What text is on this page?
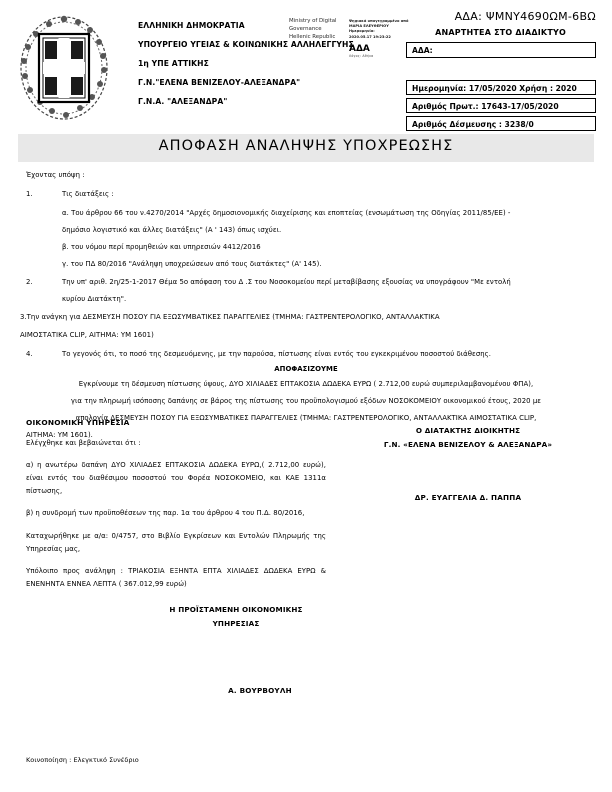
ΕΛΛΗΝΙΚΗ ΔΗΜΟΚΡΑΤΙΑ
ΥΠΟΥΡΓΕΙΟ ΥΓΕΙΑΣ & ΚΟΙΝΩΝΙΚΗΣ ΑΛΛΗΛΕΓΓΥΗΣ
1η ΥΠΕ ΑΤΤΙΚΗΣ
Γ.Ν."ΕΛΕΝΑ ΒΕΝΙΖΕΛΟΥ-ΑΛΕΞΑΝΔΡΑ"
Γ.Ν.Α. "ΑΛΕΞΑΝΔΡΑ"
Ministry of Digital
Governance
Hellenic Republic
Ψηφιακά υπογεγραμμένο από
ΜΑΡΙΑ ΕΛΕΥΘΕΡΙΟΥ
Ημερομηνία:
2020.05.17 19:23:22
ΑΔΑ
Λόγος: Αθήνα
ΑΔΑ: ΨΜΝΥ4690ΩΜ-6ΒΩ
ΑΝΑΡΤΗΤΕΑ ΣΤΟ ΔΙΑΔΙΚΤΥΟ
ΑΔΑ:
Ημερομηνία: 17/05/2020 Χρήση : 2020
Αριθμός Πρωτ.: 17643-17/05/2020
Αριθμός Δέσμευσης : 3238/0
ΑΠΟΦΑΣΗ ΑΝΑΛΗΨΗΣ ΥΠΟΧΡΕΩΣΗΣ
Έχοντας υπόψη :
1.	Τις διατάξεις :
α. Του άρθρου 66 του ν.4270/2014 "Αρχές δημοσιονομικής διαχείρισης και εποπτείας (ενσωμάτωση της Οδηγίας 2011/85/ΕΕ) -
δημόσιο λογιστικό και άλλες διατάξεις" (Α ' 143) όπως ισχύει.
β. του νόμου περί προμηθειών και υπηρεσιών 4412/2016
γ. του ΠΔ 80/2016 "Ανάληψη υποχρεώσεων από τους διατάκτες" (Α' 145).
2.	Την υπ' αριθ. 2η/25-1-2017 Θέμα 5ο απόφαση του Δ .Σ του Νοσοκομείου περί μεταβίβασης εξουσίας να υπογράφουν "Με εντολή
κυρίου Διατάκτη".
3.Την ανάγκη για ΔΕΣΜΕΥΣΗ ΠΟΣΟΥ ΓΙΑ ΕΞΩΣΥΜΒΑΤΙΚΕΣ ΠΑΡΑΓΓΕΛΙΕΣ (ΤΜΗΜΑ: ΓΑΣΤΡΕΝΤΕΡΟΛΟΓΙΚΟ, ΑΝΤΑΛΛΑΚΤΙΚΑ
ΑΙΜΟΣΤΑΤΙΚΑ CLIP, ΑΙΤΗΜΑ: ΥΜ 1601)
4.	Το γεγονός ότι, το ποσό της δεσμευόμενης, με την παρούσα, πίστωσης είναι εντός του εγκεκριμένου ποσοστού διάθεσης.
ΑΠΟΦΑΣΙΖΟΥΜΕ
Εγκρίνουμε τη δέσμευση πίστωσης ύψους, ΔΥΟ ΧΙΛΙΑΔΕΣ ΕΠΤΑΚΟΣΙΑ ΔΩΔΕΚΑ ΕΥΡΩ ( 2.712,00 ευρώ συμπεριλαμβανομένου ΦΠΑ),
για την πληρωμή ισόποσης δαπάνης σε βάρος της πίστωσης του προϋπολογισμού εξόδων ΝΟΣΟΚΟΜΕΙΟΥ οικονομικού έτους, 2020 με
απολογία ΔΕΣΜΕΥΣΗ ΠΟΣΟΥ ΓΙΑ ΕΞΩΣΥΜΒΑΤΙΚΕΣ ΠΑΡΑΓΓΕΛΙΕΣ (ΤΜΗΜΑ: ΓΑΣΤΡΕΝΤΕΡΟΛΟΓΙΚΟ, ΑΝΤΑΛΛΑΚΤΙΚΑ ΑΙΜΟΣΤΑΤΙΚΑ CLIP,
ΑΙΤΗΜΑ: ΥΜ 1601).
ΟΙΚΟΝΟΜΙΚΗ ΥΠΗΡΕΣΙΑ
Ελέγχθηκε και βεβαιώνεται ότι :
α) η ανωτέρω δαπάνη ΔΥΟ ΧΙΛΙΑΔΕΣ ΕΠΤΑΚΟΣΙΑ ΔΩΔΕΚΑ ΕΥΡΩ,( 2.712,00 ευρώ), είναι εντός του διαθέσιμου ποσοστού του Φορέα ΝΟΣΟΚΟΜΕΙΟ, και ΚΑΕ 1311α πίστωσης,
β) η συνδρομή των προϋποθέσεων της παρ. 1α του άρθρου 4 του Π.Δ. 80/2016,
Καταχωρήθηκε με α/α: 0/4757, στο Βιβλίο Εγκρίσεων και Εντολών Πληρωμής της Υπηρεσίας μας,
Υπόλοιπο προς ανάληψη : ΤΡΙΑΚΟΣΙΑ ΕΞΗΝΤΑ ΕΠΤΑ ΧΙΛΙΑΔΕΣ ΔΩΔΕΚΑ ΕΥΡΩ & ΕΝΕΝΗΝΤΑ ΕΝΝΕΑ ΛΕΠΤΑ ( 367.012,99 ευρώ)
Η ΠΡΟΪΣΤΑΜΕΝΗ ΟΙΚΟΝΟΜΙΚΗΣ
ΥΠΗΡΕΣΙΑΣ
Ο ΔΙΑΤΑΚΤΗΣ ΔΙΟΙΚΗΤΗΣ
Γ.Ν. «ΕΛΕΝΑ ΒΕΝΙΖΕΛΟΥ & ΑΛΕΞΑΝΔΡΑ»
ΔΡ. ΕΥΑΓΓΕΛΙΑ Δ. ΠΑΠΠΑ
Α. ΒΟΥΡΒΟΥΛΗ
Κοινοποίηση : Ελεγκτικό Συνέδριο
